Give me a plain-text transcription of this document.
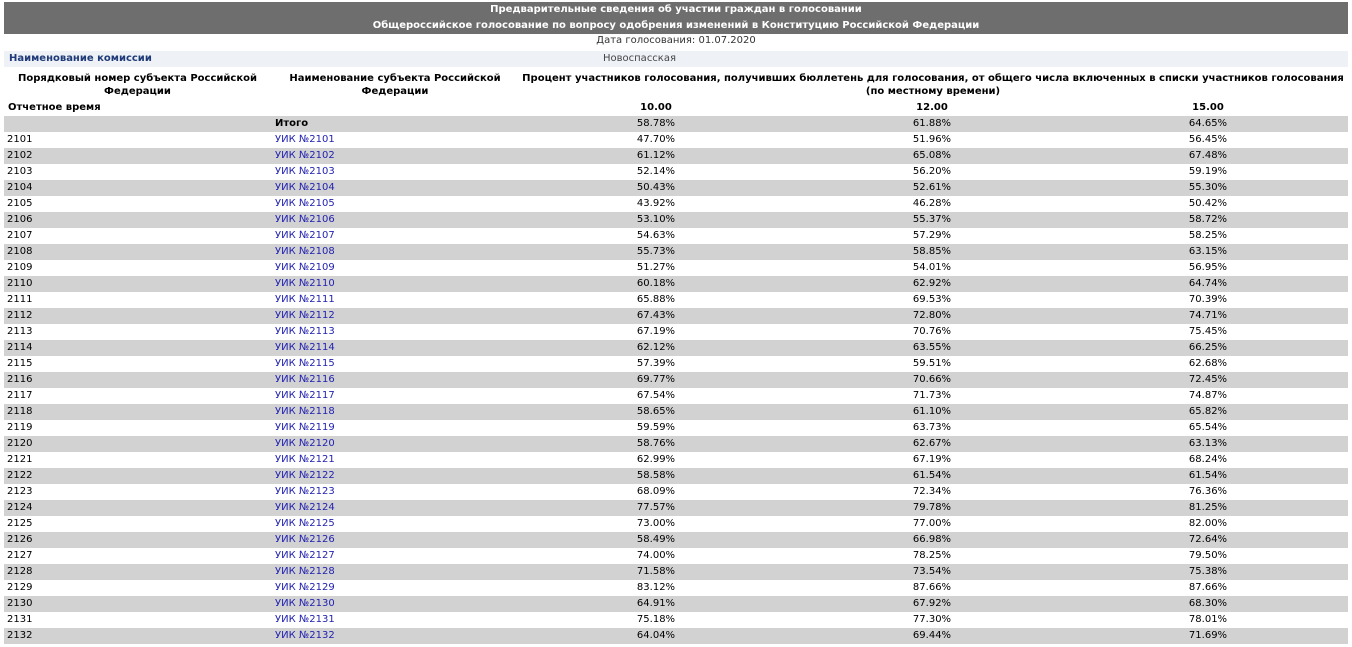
Предварительные сведения об участии граждан в голосовании
Общероссийское голосование по вопросу одобрения изменений в Конституцию Российской Федерации
Дата голосования: 01.07.2020
Наименование комиссии	Новоспасская
Порядковый номер субъекта Российской Федерации
Наименование субъекта Российской Федерации
Процент участников голосования, получивших бюллетень для голосования, от общего числа включенных в списки участников голосования (по местному времени)
Отчетное время	10.00	12.00	15.00
Итого	58.78%	61.88%	64.65%
2101	УИК №2101	47.70%	51.96%	56.45%
2102	УИК №2102	61.12%	65.08%	67.48%
2103	УИК №2103	52.14%	56.20%	59.19%
2104	УИК №2104	50.43%	52.61%	55.30%
2105	УИК №2105	43.92%	46.28%	50.42%
2106	УИК №2106	53.10%	55.37%	58.72%
2107	УИК №2107	54.63%	57.29%	58.25%
2108	УИК №2108	55.73%	58.85%	63.15%
2109	УИК №2109	51.27%	54.01%	56.95%
2110	УИК №2110	60.18%	62.92%	64.74%
2111	УИК №2111	65.88%	69.53%	70.39%
2112	УИК №2112	67.43%	72.80%	74.71%
2113	УИК №2113	67.19%	70.76%	75.45%
2114	УИК №2114	62.12%	63.55%	66.25%
2115	УИК №2115	57.39%	59.51%	62.68%
2116	УИК №2116	69.77%	70.66%	72.45%
2117	УИК №2117	67.54%	71.73%	74.87%
2118	УИК №2118	58.65%	61.10%	65.82%
2119	УИК №2119	59.59%	63.73%	65.54%
2120	УИК №2120	58.76%	62.67%	63.13%
2121	УИК №2121	62.99%	67.19%	68.24%
2122	УИК №2122	58.58%	61.54%	61.54%
2123	УИК №2123	68.09%	72.34%	76.36%
2124	УИК №2124	77.57%	79.78%	81.25%
2125	УИК №2125	73.00%	77.00%	82.00%
2126	УИК №2126	58.49%	66.98%	72.64%
2127	УИК №2127	74.00%	78.25%	79.50%
2128	УИК №2128	71.58%	73.54%	75.38%
2129	УИК №2129	83.12%	87.66%	87.66%
2130	УИК №2130	64.91%	67.92%	68.30%
2131	УИК №2131	75.18%	77.30%	78.01%
2132	УИК №2132	64.04%	69.44%	71.69%
